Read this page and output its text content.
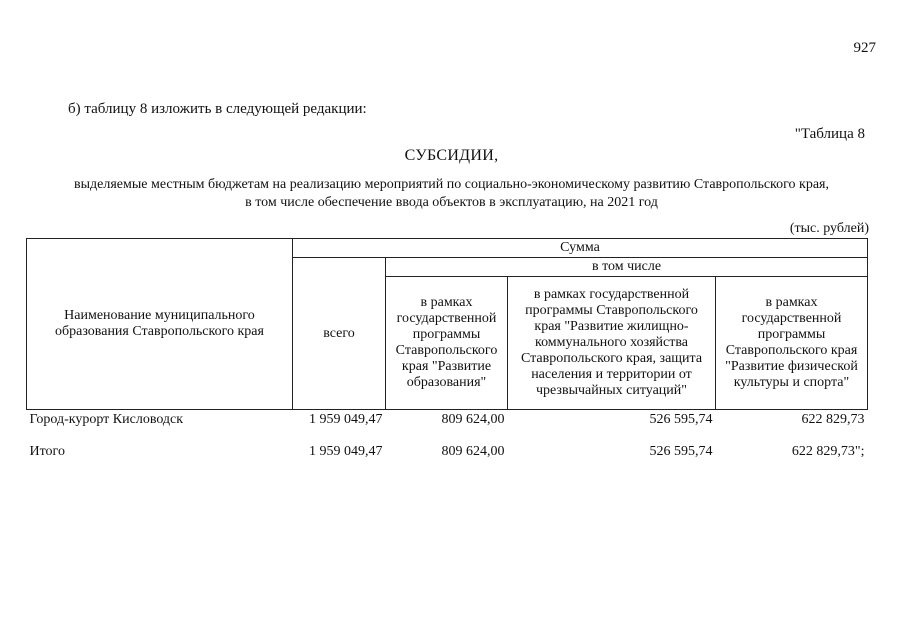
927
б) таблицу 8 изложить в следующей редакции:
"Таблица 8
СУБСИДИИ,
выделяемые местным бюджетам на реализацию мероприятий по социально-экономическому развитию Ставропольского края,
в том числе обеспечение ввода объектов в эксплуатацию, на 2021 год
(тыс. рублей)
Наименование муниципального образования Ставропольского края	Сумма			
	всего	в том числе		
		в рамках государственной программы Ставропольского края "Развитие образования"	в рамках государственной программы Ставропольского края "Развитие жилищно-коммунального хозяйства Ставропольского края, защита населения и территории от чрезвычайных ситуаций"	в рамках государственной программы Ставропольского края "Развитие физической культуры и спорта"
Город-курорт Кисловодск	1 959 049,47	809 624,00	526 595,74	622 829,73
Итого	1 959 049,47	809 624,00	526 595,74	622 829,73";
